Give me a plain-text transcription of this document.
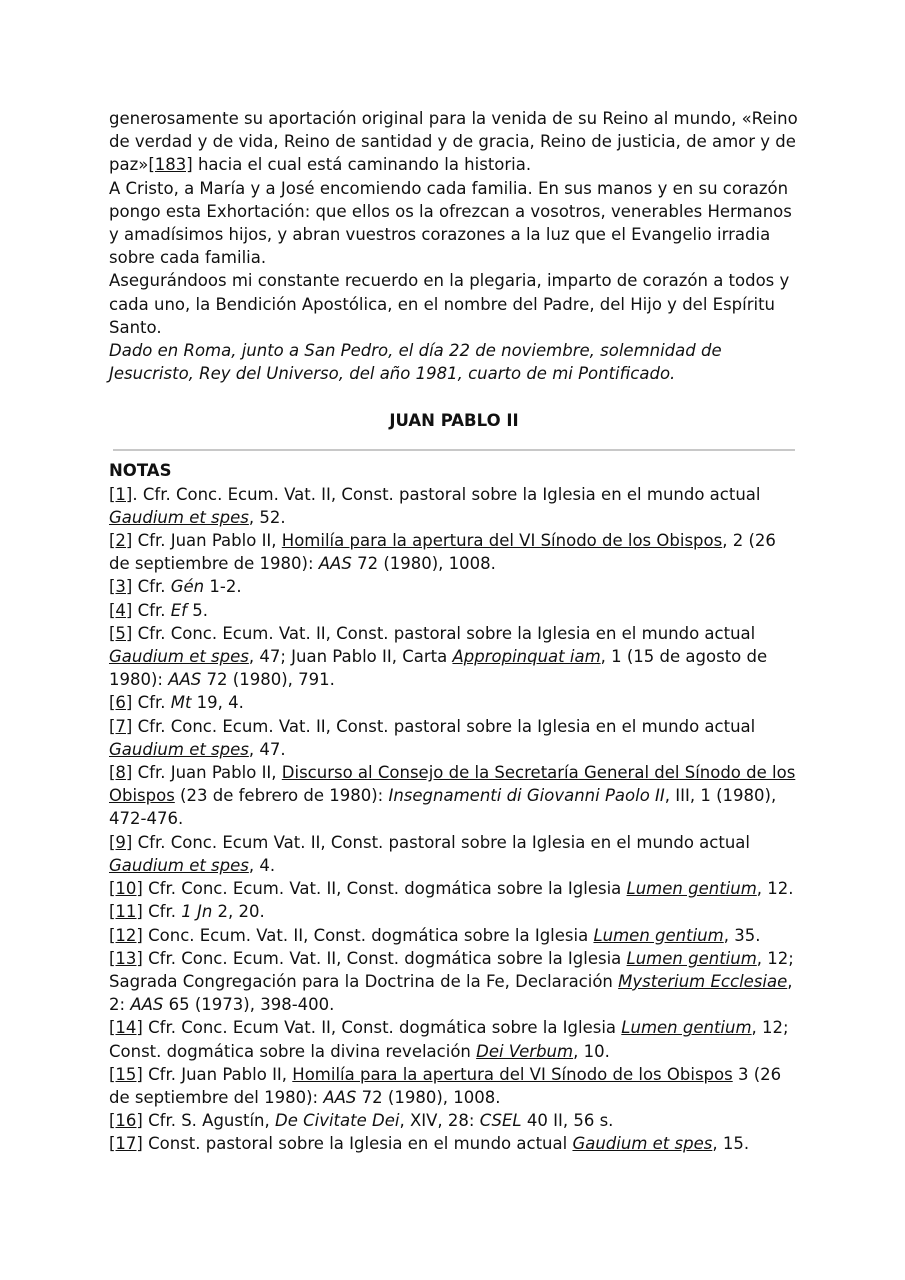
generosamente su aportación original para la venida de su Reino al mundo, «Reino de verdad y de vida, Reino de santidad y de gracia, Reino de justicia, de amor y de paz»[183] hacia el cual está caminando la historia.

A Cristo, a María y a José encomiendo cada familia. En sus manos y en su corazón pongo esta Exhortación: que ellos os la ofrezcan a vosotros, venerables Hermanos y amadísimos hijos, y abran vuestros corazones a la luz que el Evangelio irradia sobre cada familia.

Asegurándoos mi constante recuerdo en la plegaria, imparto de corazón a todos y cada uno, la Bendición Apostólica, en el nombre del Padre, del Hijo y del Espíritu Santo.

Dado en Roma, junto a San Pedro, el día 22 de noviembre, solemnidad de Jesucristo, Rey del Universo, del año 1981, cuarto de mi Pontificado.

JUAN PABLO II

NOTAS

[1]. Cfr. Conc. Ecum. Vat. II, Const. pastoral sobre la Iglesia en el mundo actual Gaudium et spes, 52.

[2] Cfr. Juan Pablo II, Homilía para la apertura del VI Sínodo de los Obispos, 2 (26 de septiembre de 1980): AAS 72 (1980), 1008.

[3] Cfr. Gén 1-2.

[4] Cfr. Ef 5.

[5] Cfr. Conc. Ecum. Vat. II, Const. pastoral sobre la Iglesia en el mundo actual Gaudium et spes, 47; Juan Pablo II, Carta Appropinquat iam, 1 (15 de agosto de 1980): AAS 72 (1980), 791.

[6] Cfr. Mt 19, 4.

[7] Cfr. Conc. Ecum. Vat. II, Const. pastoral sobre la Iglesia en el mundo actual Gaudium et spes, 47.

[8] Cfr. Juan Pablo II, Discurso al Consejo de la Secretaría General del Sínodo de los Obispos (23 de febrero de 1980): Insegnamenti di Giovanni Paolo II, III, 1 (1980), 472-476.

[9] Cfr. Conc. Ecum Vat. II, Const. pastoral sobre la Iglesia en el mundo actual Gaudium et spes, 4.

[10] Cfr. Conc. Ecum. Vat. II, Const. dogmática sobre la Iglesia Lumen gentium, 12.

[11] Cfr. 1 Jn 2, 20.

[12] Conc. Ecum. Vat. II, Const. dogmática sobre la Iglesia Lumen gentium, 35.

[13] Cfr. Conc. Ecum. Vat. II, Const. dogmática sobre la Iglesia Lumen gentium, 12; Sagrada Congregación para la Doctrina de la Fe, Declaración Mysterium Ecclesiae, 2: AAS 65 (1973), 398-400.

[14] Cfr. Conc. Ecum Vat. II, Const. dogmática sobre la Iglesia Lumen gentium, 12; Const. dogmática sobre la divina revelación Dei Verbum, 10.

[15] Cfr. Juan Pablo II, Homilía para la apertura del VI Sínodo de los Obispos 3 (26 de septiembre del 1980): AAS 72 (1980), 1008.

[16] Cfr. S. Agustín, De Civitate Dei, XIV, 28: CSEL 40 II, 56 s.

[17] Const. pastoral sobre la Iglesia en el mundo actual Gaudium et spes, 15.
